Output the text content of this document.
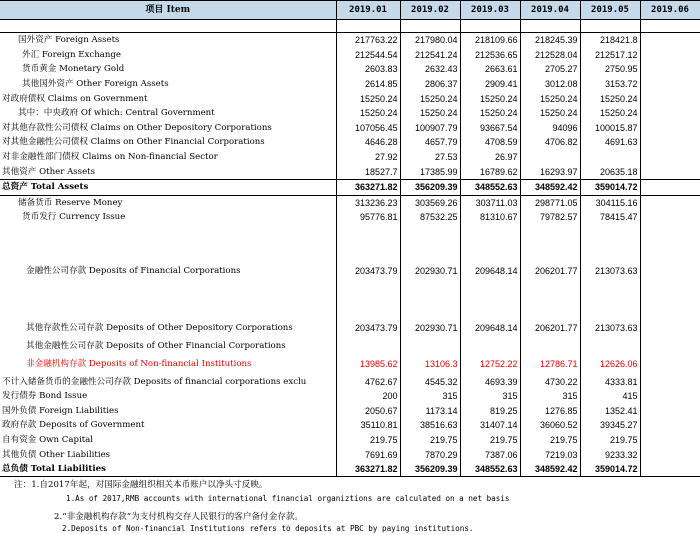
项目 Item	2019.01	2019.02	2019.03	2019.04	2019.05	2019.06

国外资产 Foreign Assets	217763.22	217980.04	218109.66	218245.39	218421.8	
外汇 Foreign Exchange	212544.54	212541.24	212536.65	212528.04	212517.12	
货币黄金 Monetary Gold	2603.83	2632.43	2663.61	2705.27	2750.95	
其他国外资产 Other Foreign Assets	2614.85	2806.37	2909.41	3012.08	3153.72	
对政府债权 Claims on Government	15250.24	15250.24	15250.24	15250.24	15250.24	
其中：中央政府 Of which: Central Government	15250.24	15250.24	15250.24	15250.24	15250.24	
对其他存款性公司债权 Claims on Other Depository Corporations	107056.45	100907.79	93667.54	94096	100015.87	
对其他金融性公司债权 Claims on Other Financial Corporations	4646.28	4657.79	4708.59	4706.82	4691.63	
对非金融性部门债权 Claims on Non-financial Sector	27.92	27.53	26.97			
其他资产 Other Assets	18527.7	17385.99	16789.62	16293.97	20635.18	
总资产 Total Assets	363271.82	356209.39	348552.63	348592.42	359014.72	
储备货币 Reserve Money	313236.23	303569.26	303711.03	298771.05	304115.16	
货币发行 Currency Issue	95776.81	87532.25	81310.67	79782.57	78415.47	
金融性公司存款 Deposits of Financial Corporations	203473.79	202930.71	209648.14	206201.77	213073.63	
其他存款性公司存款 Deposits of Other Depository Corporations	203473.79	202930.71	209648.14	206201.77	213073.63	
其他金融性公司存款 Deposits of Other Financial Corporations						
非金融机构存款 Deposits of Non-financial Institutions	13985.62	13106.3	12752.22	12786.71	12626.06	
不计入储备货币的金融性公司存款 Deposits of financial corporations exclu	4762.67	4545.32	4693.39	4730.22	4333.81	
发行债券 Bond Issue	200	315	315	315	415	
国外负债 Foreign Liabilities	2050.67	1173.14	819.25	1276.85	1352.41	
政府存款 Deposits of Government	35110.81	38516.63	31407.14	36060.52	39345.27	
自有资金 Own Capital	219.75	219.75	219.75	219.75	219.75	
其他负债 Other Liabilities	7691.69	7870.29	7387.06	7219.03	9233.32	
总负债 Total Liabilities	363271.82	356209.39	348552.63	348592.42	359014.72	
注：1.自2017年起，对国际金融组织相关本币账户以净头寸反映。
1.As of 2017,RMB accounts with international financial organiztions are calculated on a net basis
2.“非金融机构存款”为支付机构交存人民银行的客户备付金存款。
2.Deposits of Non-financial Institutions refers to deposits at PBC by paying institutions.
